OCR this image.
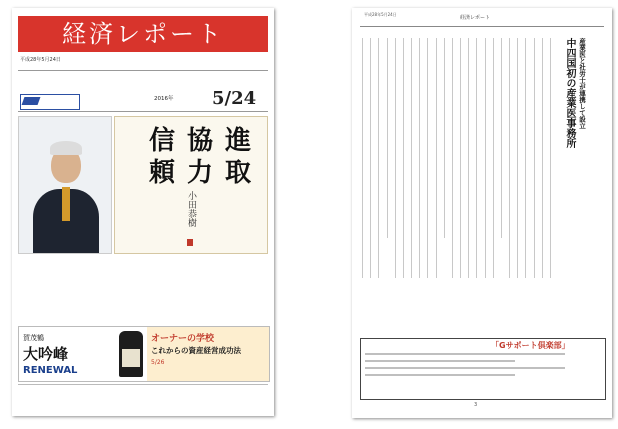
経済レポート
平成28年5月24日
2016年 5/24
進
取
協
力
信
頼
小田恭樹
賀茂鶴
大吟峰
RENEWAL
オーナーの学校
これからの資産経営成功法
5/26
平成28年5月24日
経済レポート
産業医と社労士が連携して設立
中四国初の産業医事務所
「Gサポート倶楽部」
3
